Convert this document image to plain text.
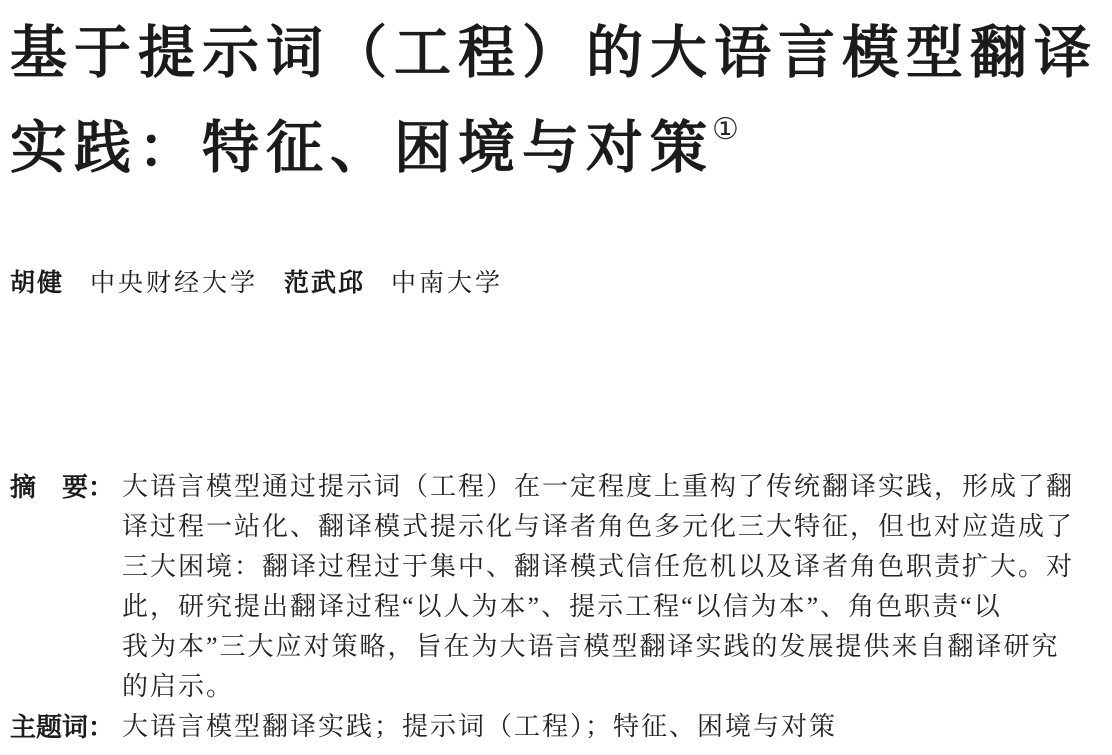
基于提示词（工程）的大语言模型翻译
实践：特征、困境与对策①
胡健 中央财经大学 范武邱 中南大学
摘　要： 大语言模型通过提示词（工程）在一定程度上重构了传统翻译实践，形成了翻
译过程一站化、翻译模式提示化与译者角色多元化三大特征，但也对应造成了
三大困境：翻译过程过于集中、翻译模式信任危机以及译者角色职责扩大。对
此，研究提出翻译过程“以人为本”、提示工程“以信为本”、角色职责“以
我为本”三大应对策略，旨在为大语言模型翻译实践的发展提供来自翻译研究
的启示。
主题词： 大语言模型翻译实践；提示词（工程）；特征、困境与对策
